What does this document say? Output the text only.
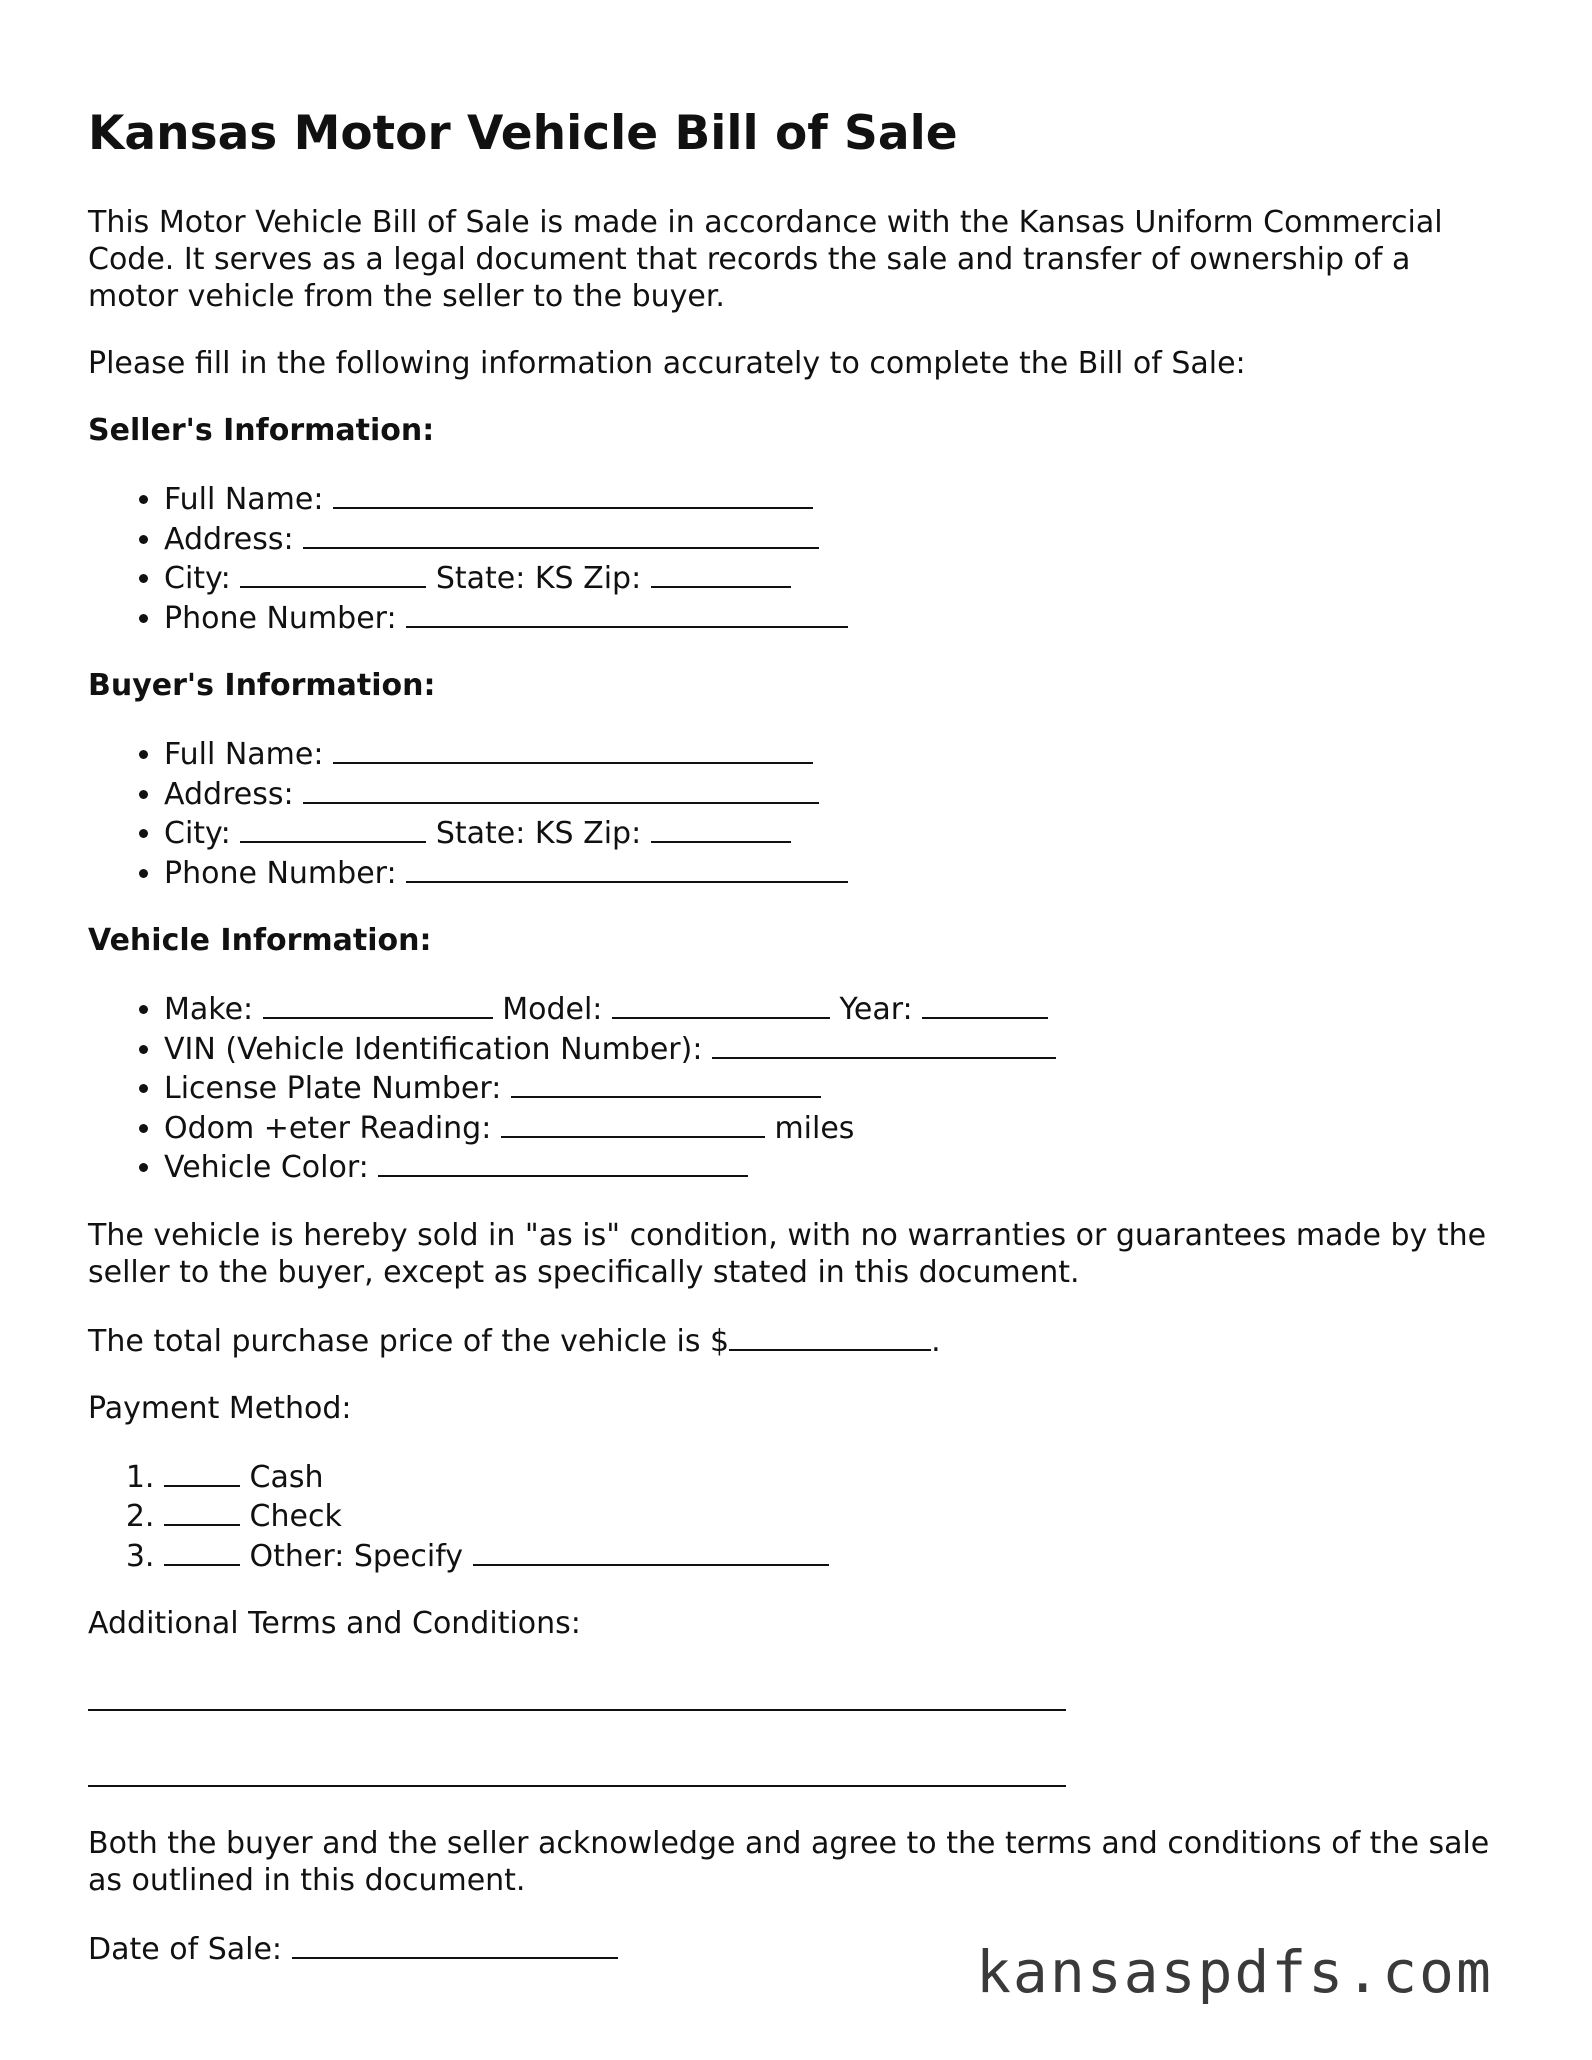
Kansas Motor Vehicle Bill of Sale

This Motor Vehicle Bill of Sale is made in accordance with the Kansas Uniform Commercial Code. It serves as a legal document that records the sale and transfer of ownership of a motor vehicle from the seller to the buyer.

Please fill in the following information accurately to complete the Bill of Sale:

Seller's Information:
• Full Name:
• Address:
• City:	State: KS Zip:
• Phone Number:
Buyer's Information:
• Full Name:
• Address:
• City:	State: KS Zip:
• Phone Number:
Vehicle Information:
• Make:	Model:	Year:
• VIN (Vehicle Identification Number):
• License Plate Number:
• Odom +eter Reading:	miles
• Vehicle Color:

The vehicle is hereby sold in "as is" condition, with no warranties or guarantees made by the seller to the buyer, except as specifically stated in this document.

The total purchase price of the vehicle is $	.

Payment Method:

1. Cash
2. Check
3. Other: Specify

Additional Terms and Conditions:

Both the buyer and the seller acknowledge and agree to the terms and conditions of the sale as outlined in this document.

Date of Sale:	kansaspdfs.com
